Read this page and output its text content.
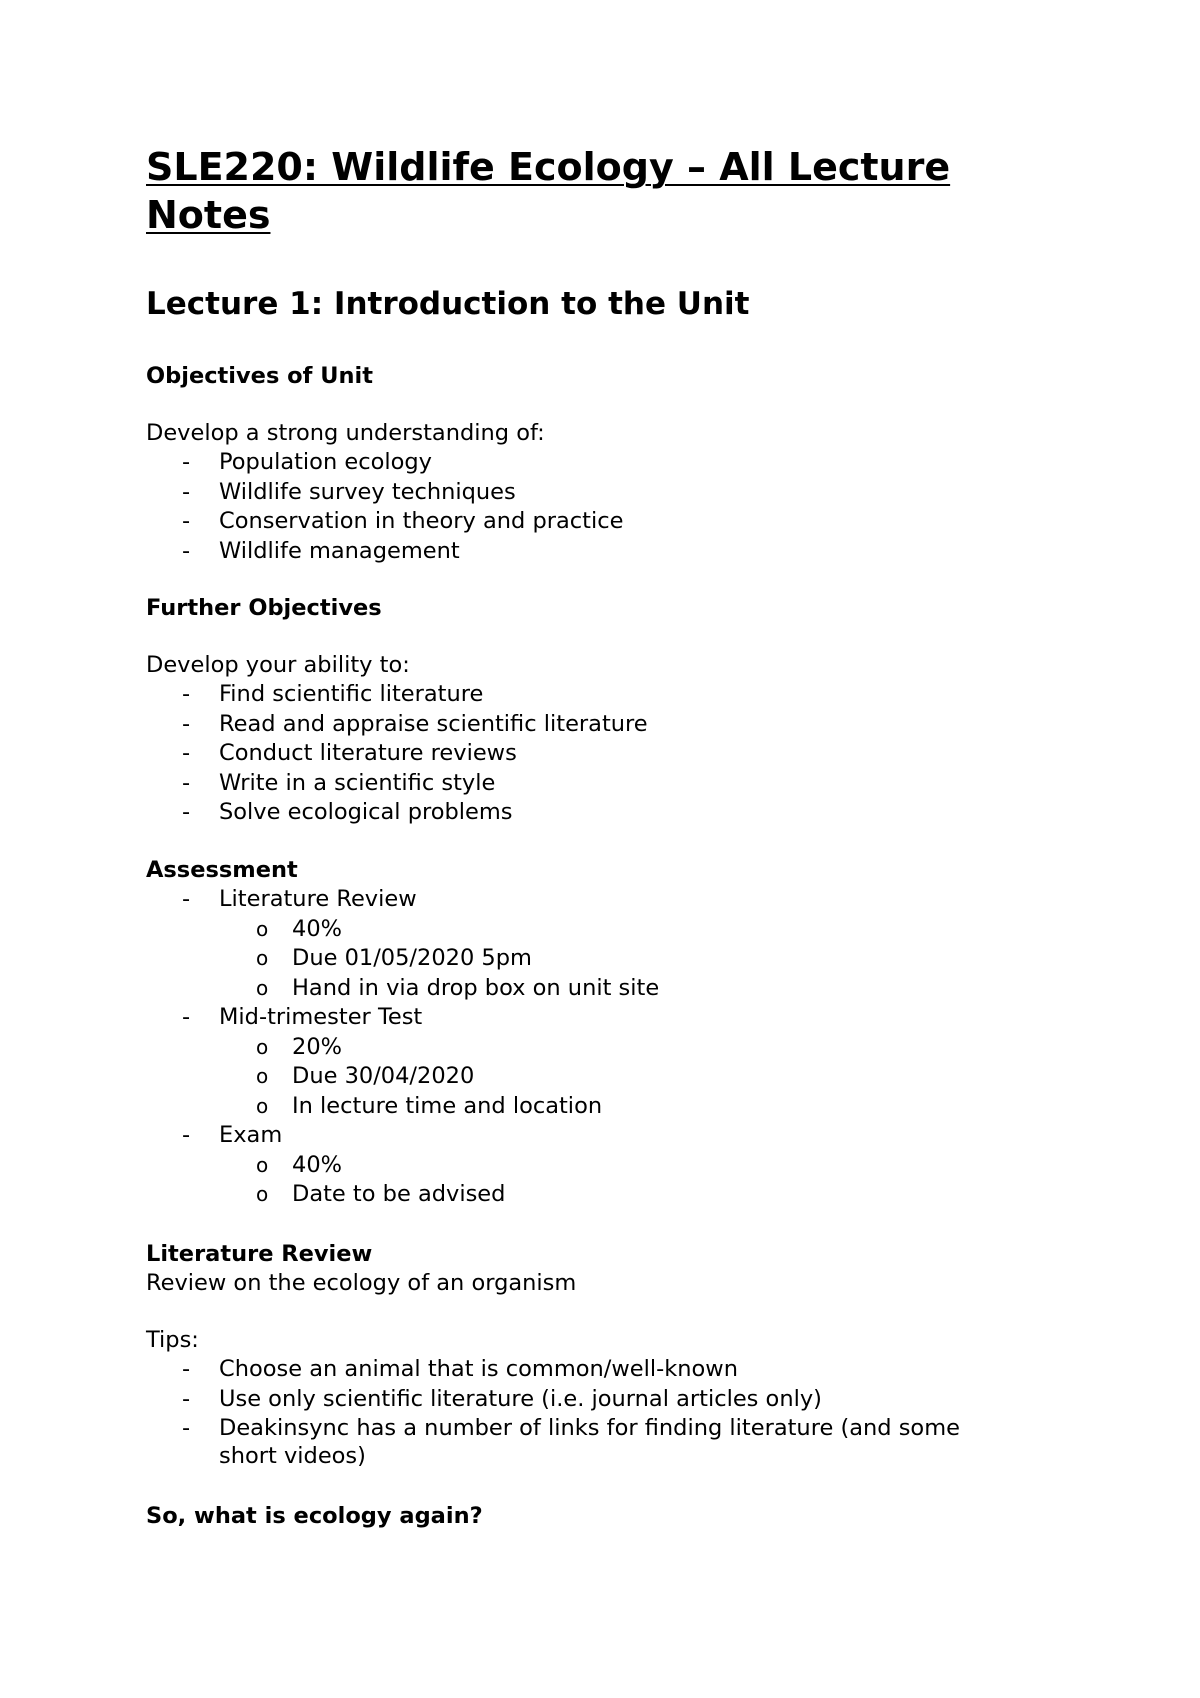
SLE220: Wildlife Ecology – All Lecture Notes
Lecture 1: Introduction to the Unit

Objectives of Unit

Develop a strong understanding of:

- Population ecology
- Wildlife survey techniques
- Conservation in theory and practice
- Wildlife management

Further Objectives

Develop your ability to:

- Find scientific literature
- Read and appraise scientific literature
- Conduct literature reviews
- Write in a scientific style
- Solve ecological problems

Assessment

- Literature Review
o 40%
o Due 01/05/2020 5pm
o Hand in via drop box on unit site
- Mid-trimester Test
o 20%
o Due 30/04/2020
o In lecture time and location
- Exam
o 40%
o Date to be advised

Literature Review

Review on the ecology of an organism

Tips:

- Choose an animal that is common/well-known
- Use only scientific literature (i.e. journal articles only)
- Deakinsync has a number of links for finding literature (and some short videos)

So, what is ecology again?
